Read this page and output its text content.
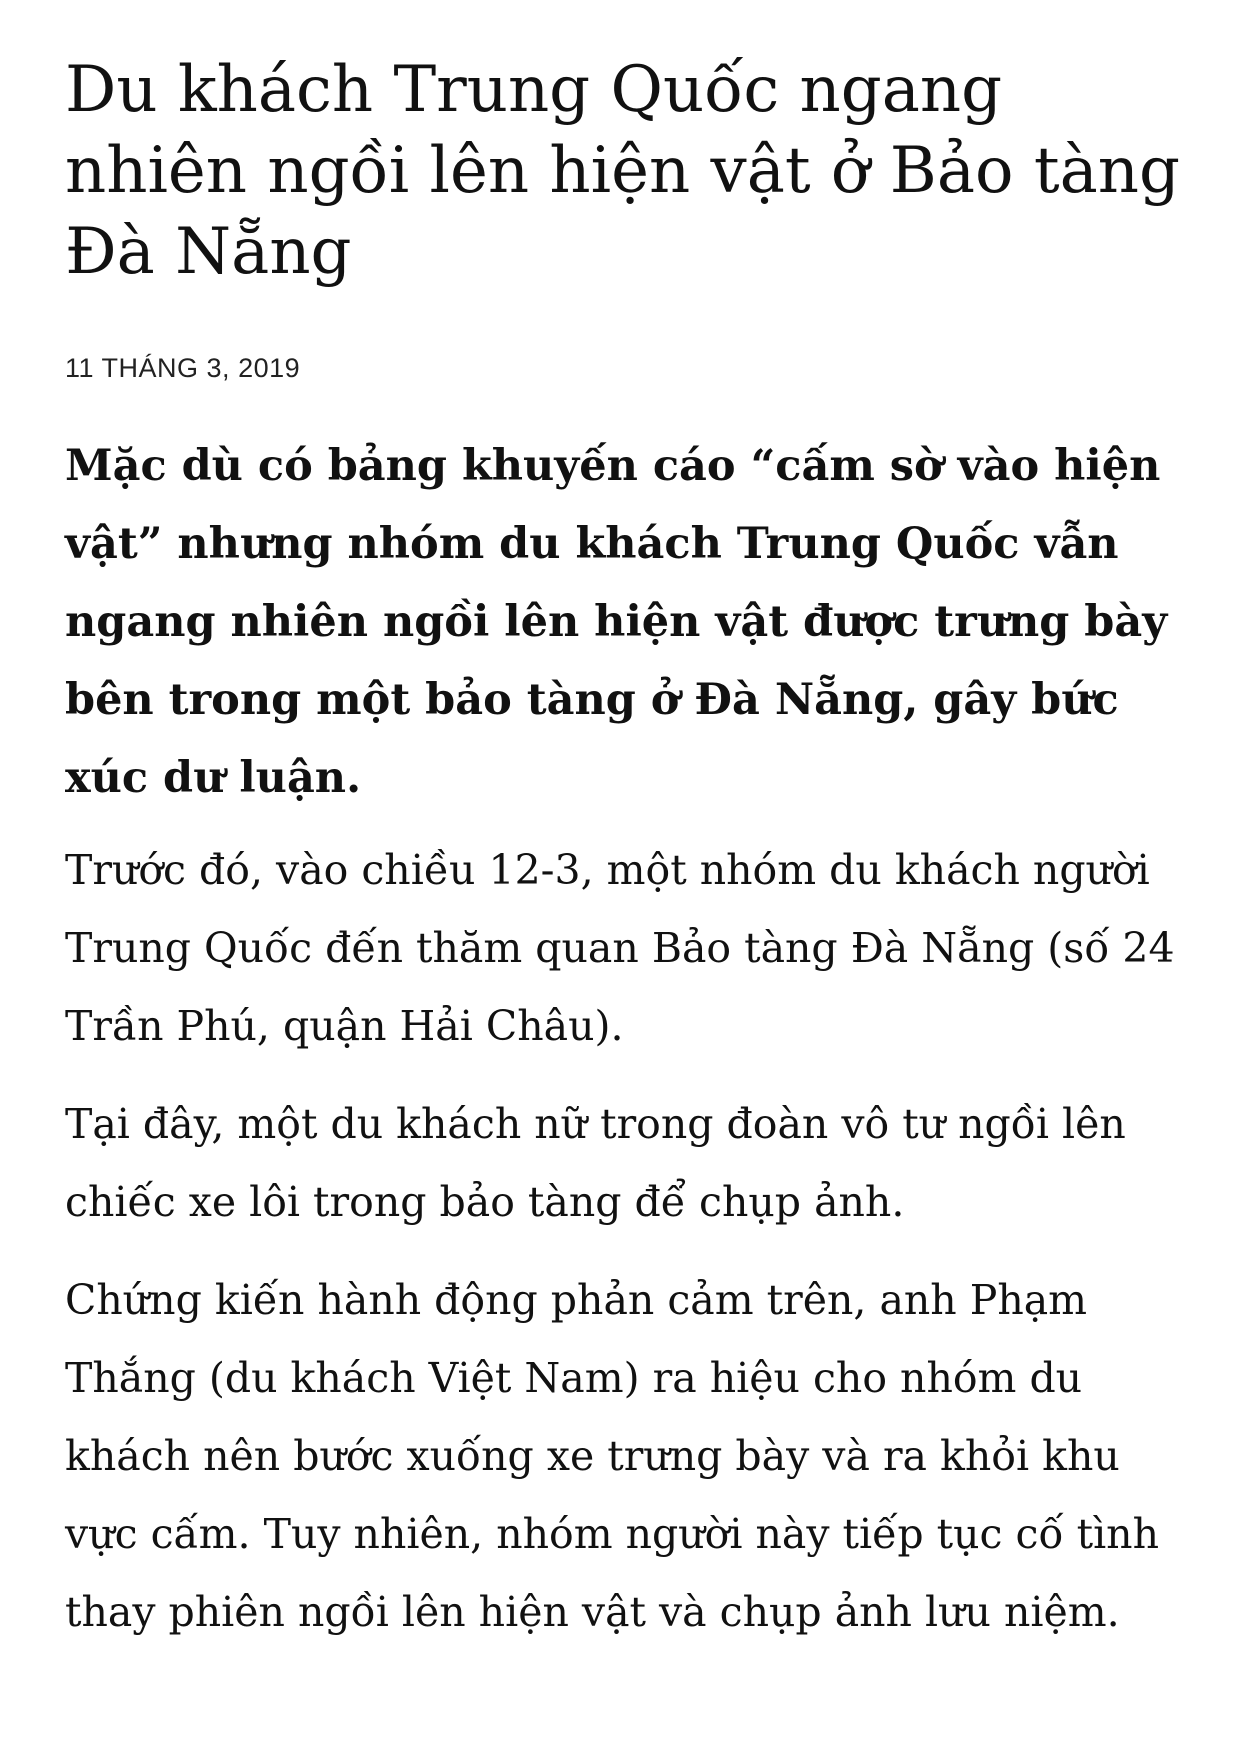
Du khách Trung Quốc ngang nhiên ngồi lên hiện vật ở Bảo tàng Đà Nẵng
11 THÁNG 3, 2019

Mặc dù có bảng khuyến cáo “cấm sờ vào hiện vật” nhưng nhóm du khách Trung Quốc vẫn ngang nhiên ngồi lên hiện vật được trưng bày bên trong một bảo tàng ở Đà Nẵng, gây bức xúc dư luận.

Trước đó, vào chiều 12-3, một nhóm du khách người Trung Quốc đến thăm quan Bảo tàng Đà Nẵng (số 24 Trần Phú, quận Hải Châu).

Tại đây, một du khách nữ trong đoàn vô tư ngồi lên chiếc xe lôi trong bảo tàng để chụp ảnh.

Chứng kiến hành động phản cảm trên, anh Phạm Thắng (du khách Việt Nam) ra hiệu cho nhóm du khách nên bước xuống xe trưng bày và ra khỏi khu vực cấm. Tuy nhiên, nhóm người này tiếp tục cố tình thay phiên ngồi lên hiện vật và chụp ảnh lưu niệm.
